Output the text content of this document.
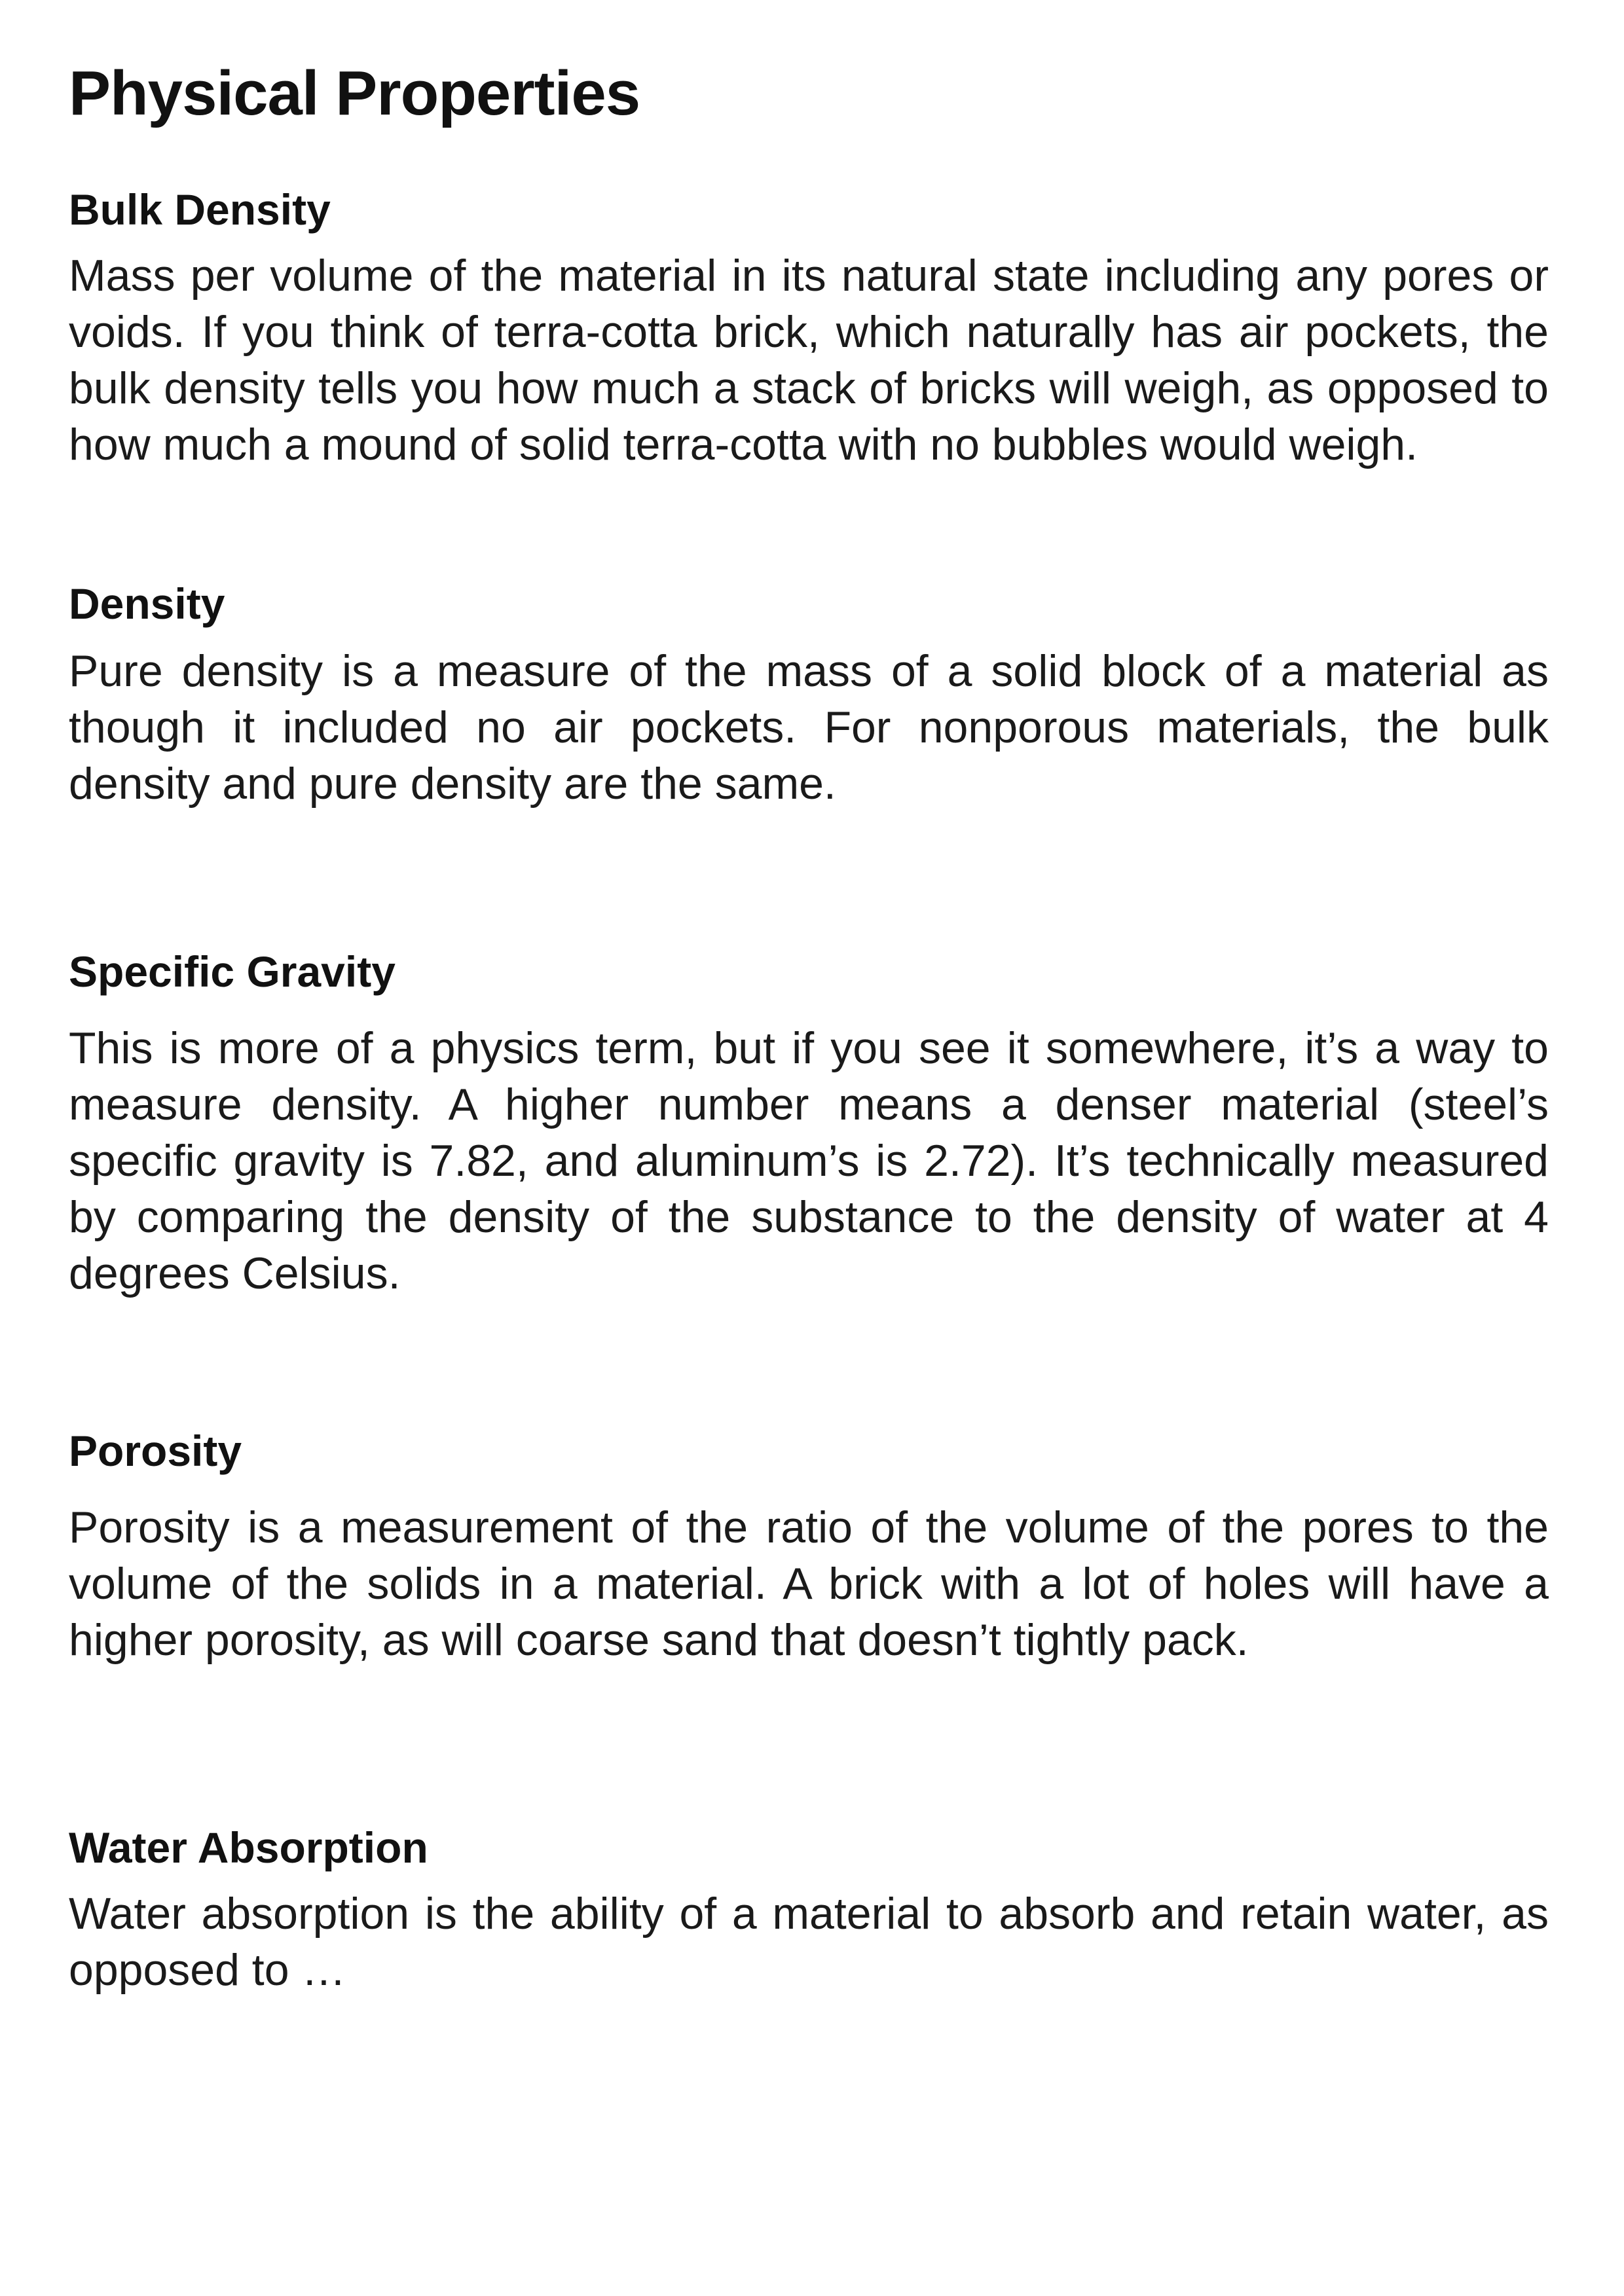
Physical Properties
Bulk Density

Mass per volume of the material in its natural state including any pores or voids. If you think of terra-cotta brick, which naturally has air pockets, the bulk density tells you how much a stack of bricks will weigh, as opposed to how much a mound of solid terra-cotta with no bubbles would weigh.

Density

Pure density is a measure of the mass of a solid block of a material as though it included no air pockets. For nonporous materials, the bulk density and pure density are the same.

Specific Gravity

This is more of a physics term, but if you see it somewhere, it’s a way to measure density. A higher number means a denser material (steel’s specific gravity is 7.82, and aluminum’s is 2.72). It’s technically measured by comparing the density of the substance to the density of water at 4 degrees Celsius.

Porosity

Porosity is a measurement of the ratio of the volume of the pores to the volume of the solids in a material. A brick with a lot of holes will have a higher porosity, as will coarse sand that doesn’t tightly pack.

Water Absorption

Water absorption is the ability of a material to absorb and retain water, as opposed to …
